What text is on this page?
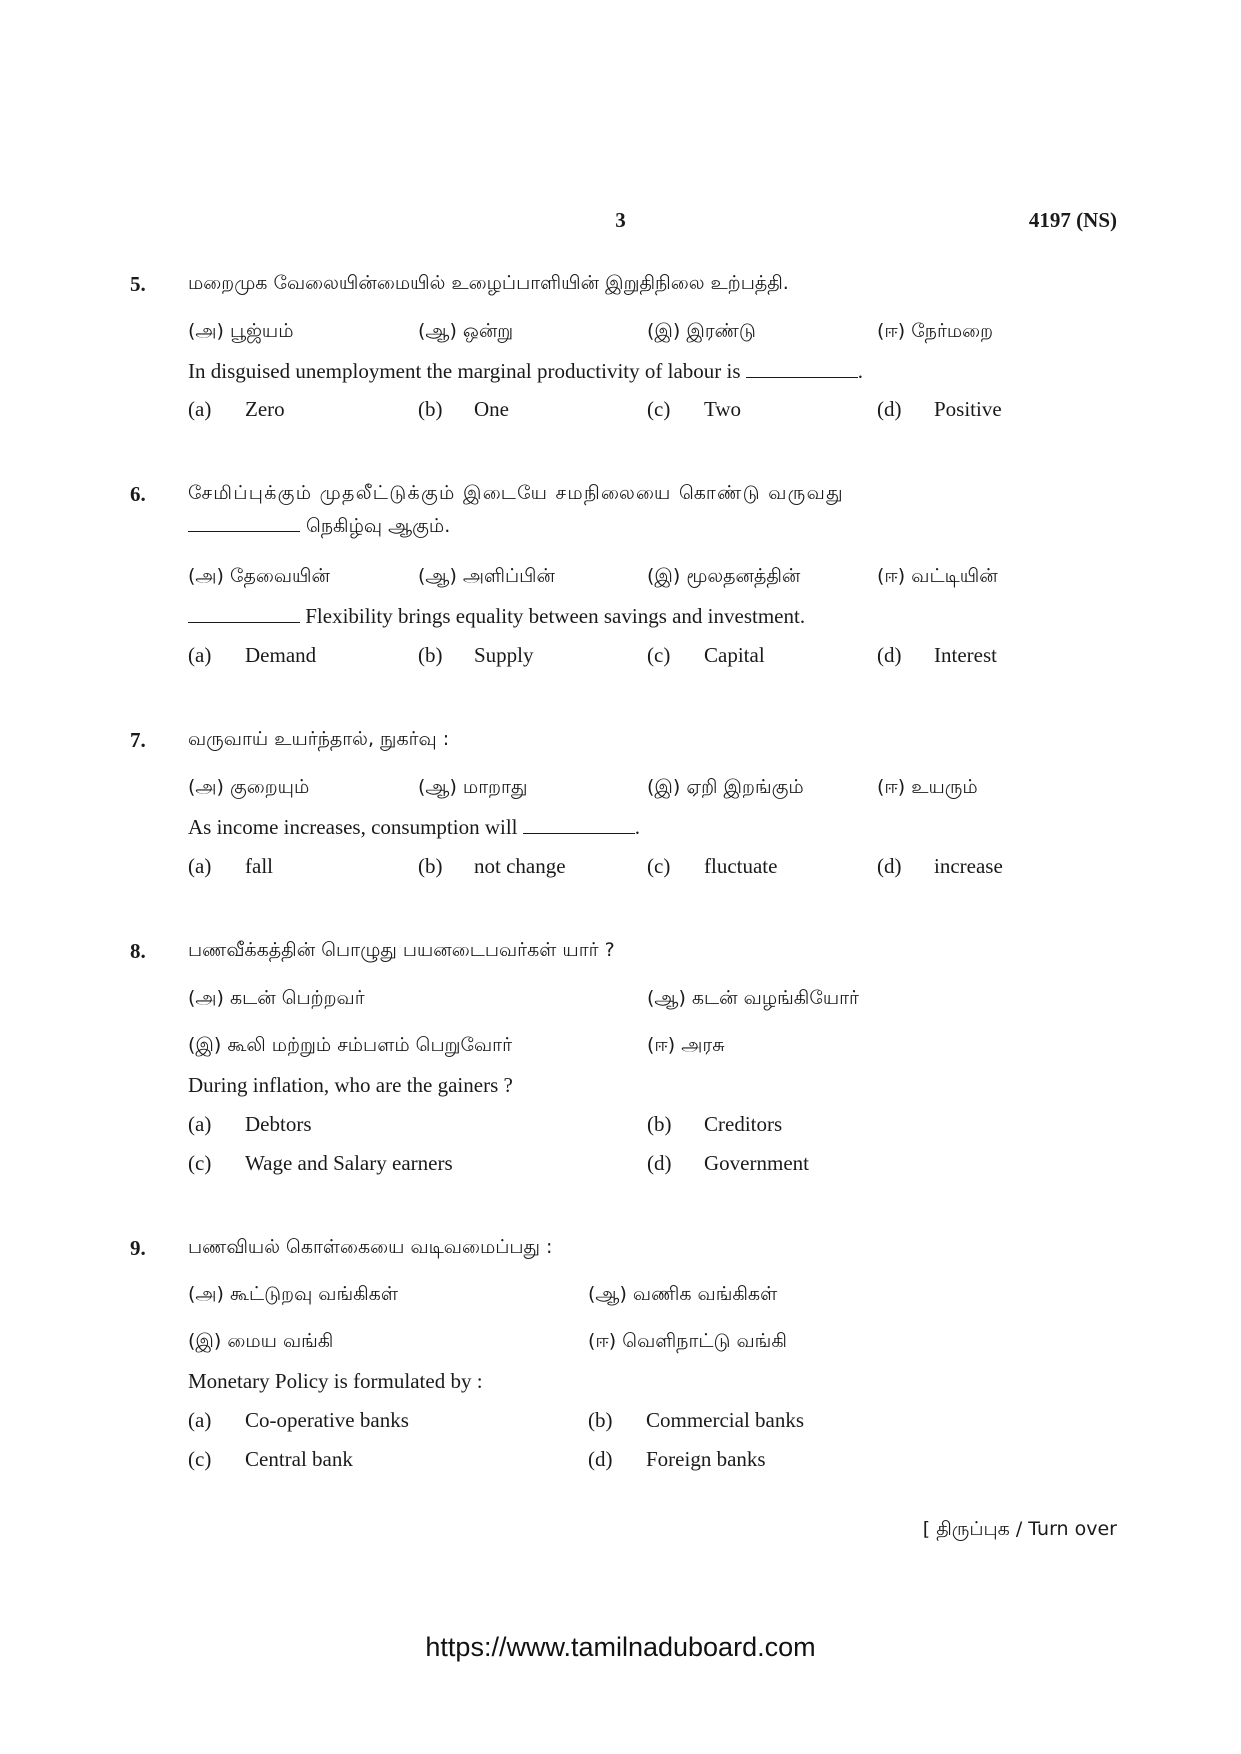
3	4197 (NS)
5. மறைமுக வேலையின்மையில் உழைப்பாளியின் இறுதிநிலை உற்பத்தி.
(அ) பூஜ்யம்	(ஆ) ஒன்று	(இ) இரண்டு	(ஈ) நேர்மறை
In disguised unemployment the marginal productivity of labour is	.
(a) Zero	(b) One	(c) Two	(d) Positive
6. சேமிப்புக்கும் முதலீட்டுக்கும் இடையே சமநிலையை கொண்டு வருவது
நெகிழ்வு ஆகும்.
(அ) தேவையின்	(ஆ) அளிப்பின்	(இ) மூலதனத்தின்	(ஈ) வட்டியின்
Flexibility brings equality between savings and investment.
(a) Demand	(b) Supply	(c) Capital	(d) Interest
7. வருவாய் உயர்ந்தால், நுகர்வு :
(அ) குறையும்	(ஆ) மாறாது	(இ) ஏறி இறங்கும்	(ஈ) உயரும்
As income increases, consumption will	.
(a) fall	(b) not change	(c) fluctuate	(d) increase
8. பணவீக்கத்தின் பொழுது பயனடைபவர்கள் யார் ?
(அ) கடன் பெற்றவர்	(ஆ) கடன் வழங்கியோர்
(இ) கூலி மற்றும் சம்பளம் பெறுவோர்	(ஈ) அரசு
During inflation, who are the gainers ?
(a) Debtors	(b) Creditors
(c) Wage and Salary earners	(d) Government
9. பணவியல் கொள்கையை வடிவமைப்பது :
(அ) கூட்டுறவு வங்கிகள்	(ஆ) வணிக வங்கிகள்
(இ) மைய வங்கி	(ஈ) வெளிநாட்டு வங்கி
Monetary Policy is formulated by :
(a) Co-operative banks	(b) Commercial banks
(c) Central bank	(d) Foreign banks
[ திருப்புக / Turn over
https://www.tamilnaduboard.com
